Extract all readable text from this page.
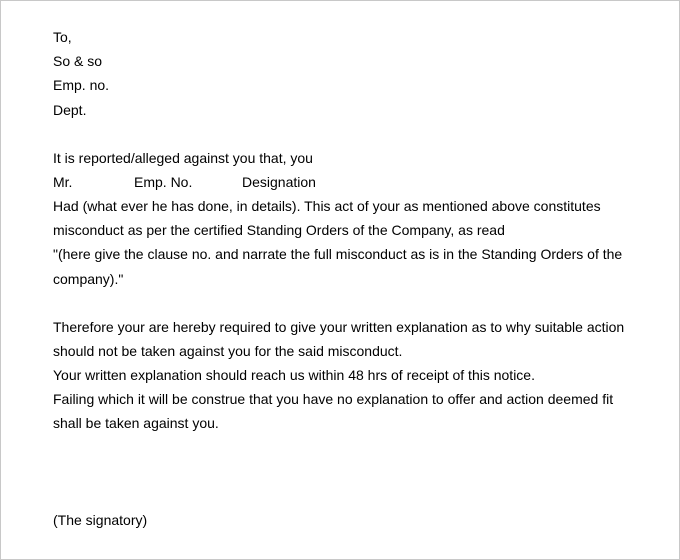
To,
So & so
Emp. no.
Dept.
It is reported/alleged against you that, you
Mr.	Emp. No.	Designation
Had (what ever he has done, in details). This act of your as mentioned above constitutes
misconduct as per the certified Standing Orders of the Company, as read
"(here give the clause no. and narrate the full misconduct as is in the Standing Orders of the
company)."
Therefore your are hereby required to give your written explanation as to why suitable action
should not be taken against you for the said misconduct.
Your written explanation should reach us within 48 hrs of receipt of this notice.
Failing which it will be construe that you have no explanation to offer and action deemed fit
shall be taken against you.
(The signatory)
